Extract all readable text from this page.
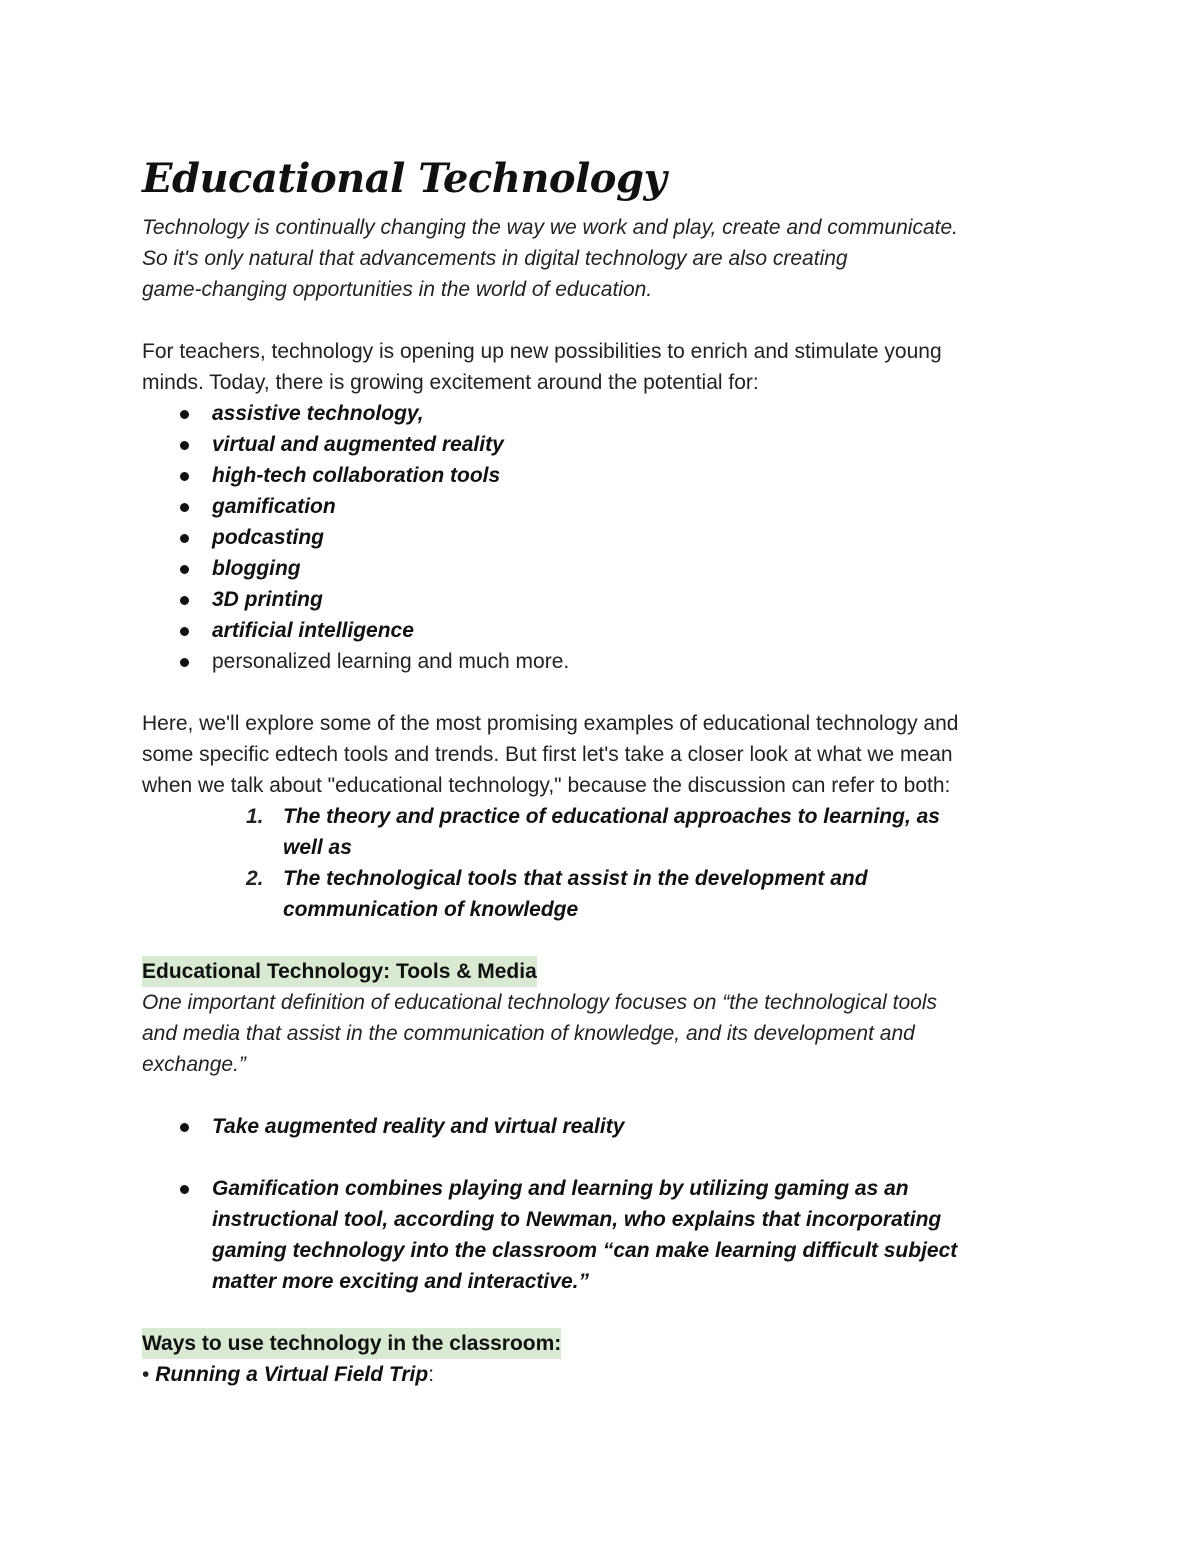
Educational Technology

Technology is continually changing the way we work and play, create and communicate.
So it's only natural that advancements in digital technology are also creating
game-changing opportunities in the world of education.

For teachers, technology is opening up new possibilities to enrich and stimulate young
minds. Today, there is growing excitement around the potential for:

assistive technology,
virtual and augmented reality
high-tech collaboration tools
gamification
podcasting
blogging
3D printing
artificial intelligence
personalized learning and much more.

Here, we'll explore some of the most promising examples of educational technology and
some specific edtech tools and trends. But first let's take a closer look at what we mean
when we talk about "educational technology," because the discussion can refer to both:

1. The theory and practice of educational approaches to learning, as
well as
2. The technological tools that assist in the development and
communication of knowledge
Educational Technology: Tools & Media

One important definition of educational technology focuses on “the technological tools
and media that assist in the communication of knowledge, and its development and
exchange.”

Take augmented reality and virtual reality
Gamification combines playing and learning by utilizing gaming as an
instructional tool, according to Newman, who explains that incorporating
gaming technology into the classroom “can make learning difficult subject
matter more exciting and interactive.”
Ways to use technology in the classroom:

• Running a Virtual Field Trip:
